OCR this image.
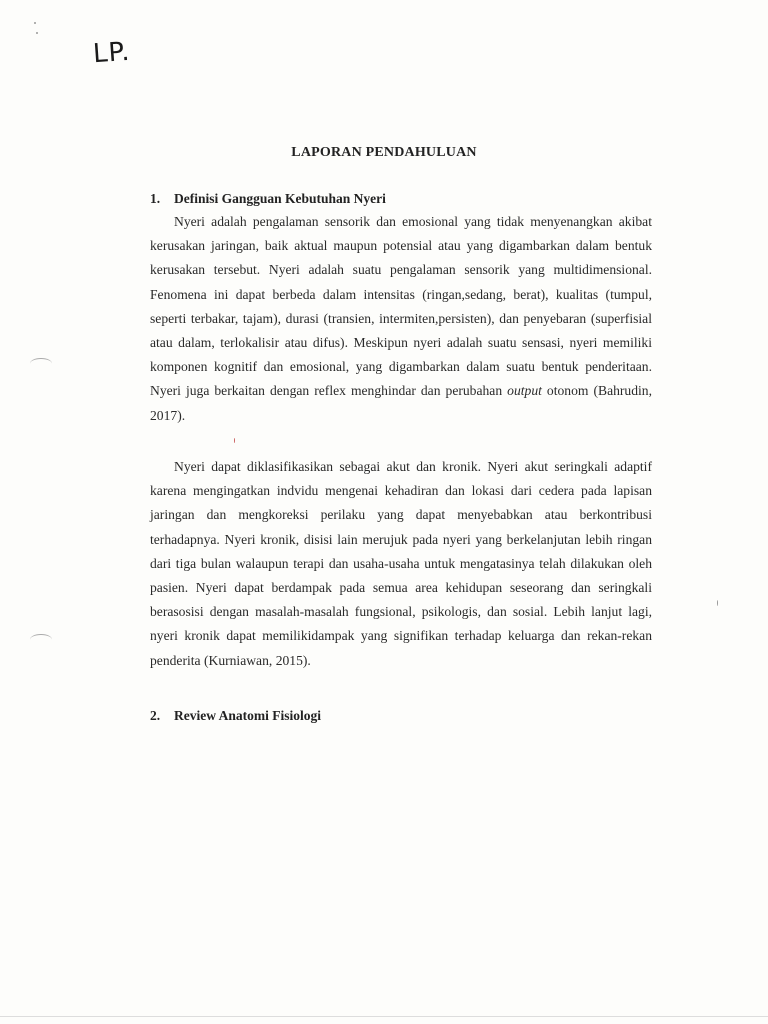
LP.
LAPORAN PENDAHULUAN
1. Definisi Gangguan Kebutuhan Nyeri
Nyeri adalah pengalaman sensorik dan emosional yang tidak menyenangkan akibat kerusakan jaringan, baik aktual maupun potensial atau yang digambarkan dalam bentuk kerusakan tersebut. Nyeri adalah suatu pengalaman sensorik yang multidimensional. Fenomena ini dapat berbeda dalam intensitas (ringan,sedang, berat), kualitas (tumpul, seperti terbakar, tajam), durasi (transien, intermiten,persisten), dan penyebaran (superfisial atau dalam, terlokalisir atau difus). Meskipun nyeri adalah suatu sensasi, nyeri memiliki komponen kognitif dan emosional, yang digambarkan dalam suatu bentuk penderitaan. Nyeri juga berkaitan dengan reflex menghindar dan perubahan output otonom (Bahrudin, 2017).
Nyeri dapat diklasifikasikan sebagai akut dan kronik. Nyeri akut seringkali adaptif karena mengingatkan indvidu mengenai kehadiran dan lokasi dari cedera pada lapisan jaringan dan mengkoreksi perilaku yang dapat menyebabkan atau berkontribusi terhadapnya. Nyeri kronik, disisi lain merujuk pada nyeri yang berkelanjutan lebih ringan dari tiga bulan walaupun terapi dan usaha-usaha untuk mengatasinya telah dilakukan oleh pasien. Nyeri dapat berdampak pada semua area kehidupan seseorang dan seringkali berasosisi dengan masalah-masalah fungsional, psikologis, dan sosial. Lebih lanjut lagi, nyeri kronik dapat memilikidampak yang signifikan terhadap keluarga dan rekan-rekan penderita (Kurniawan, 2015).
2. Review Anatomi Fisiologi
